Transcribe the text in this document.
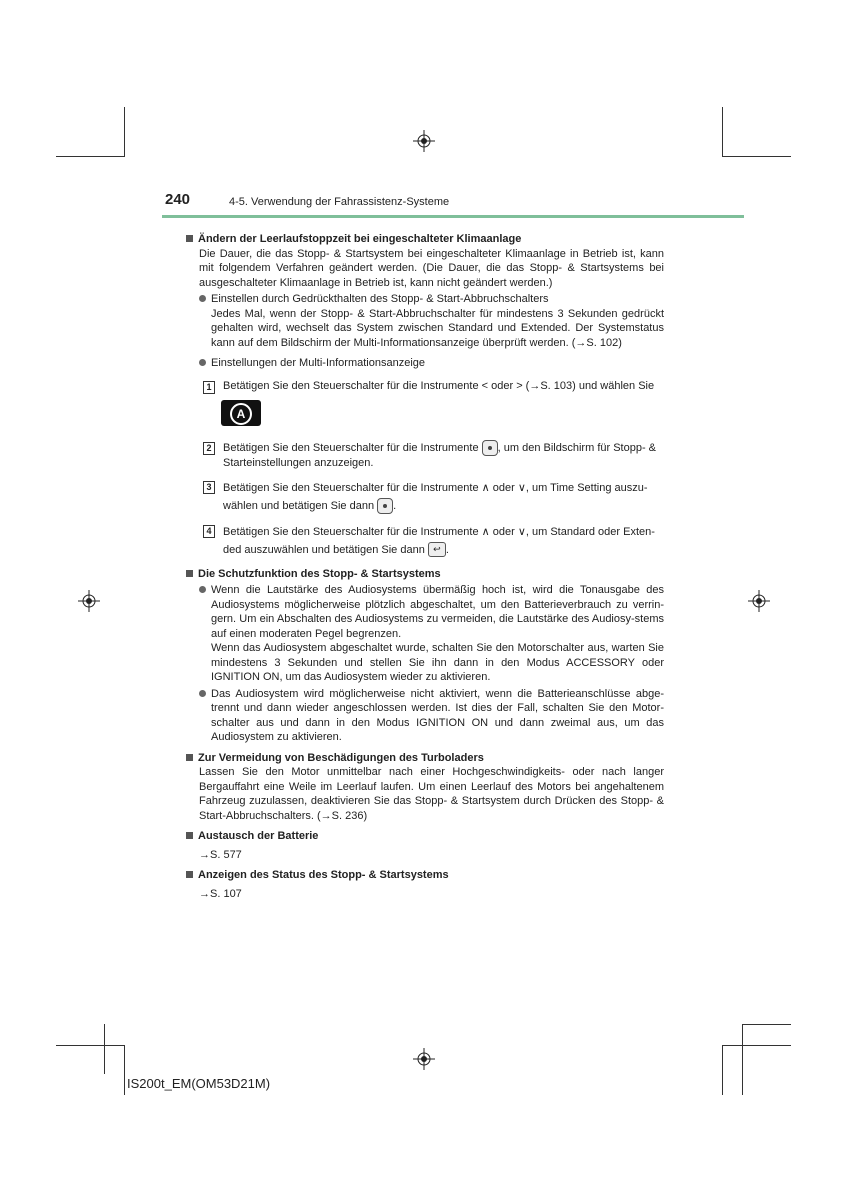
240	4-5. Verwendung der Fahrassistenz-Systeme
Ändern der Leerlaufstoppzeit bei eingeschalteter Klimaanlage
Die Dauer, die das Stopp- & Startsystem bei eingeschalteter Klimaanlage in Betrieb ist, kann mit folgendem Verfahren geändert werden. (Die Dauer, die das Stopp- & Startsystems bei ausgeschalteter Klimaanlage in Betrieb ist, kann nicht geändert werden.)
Einstellen durch Gedrückthalten des Stopp- & Start-Abbruchschalters
Jedes Mal, wenn der Stopp- & Start-Abbruchschalter für mindestens 3 Sekunden gedrückt gehalten wird, wechselt das System zwischen Standard und Extended. Der Systemstatus kann auf dem Bildschirm der Multi-Informationsanzeige überprüft werden. (→S. 102)
Einstellungen der Multi-Informationsanzeige
1	Betätigen Sie den Steuerschalter für die Instrumente < oder > (→S. 103) und wählen Sie
A
2	Betätigen Sie den Steuerschalter für die Instrumente , um den Bildschirm für Stopp- & Starteinstellungen anzuzeigen.
3	Betätigen Sie den Steuerschalter für die Instrumente ∧ oder ∨, um Time Setting auszu-wählen und betätigen Sie dann .
4	Betätigen Sie den Steuerschalter für die Instrumente ∧ oder ∨, um Standard oder Exten-ded auszuwählen und betätigen Sie dann ↩ .
Die Schutzfunktion des Stopp- & Startsystems
Wenn die Lautstärke des Audiosystems übermäßig hoch ist, wird die Tonausgabe des Audiosystems möglicherweise plötzlich abgeschaltet, um den Batterieverbrauch zu verrin-gern. Um ein Abschalten des Audiosystems zu vermeiden, die Lautstärke des Audiosy-stems auf einen moderaten Pegel begrenzen.
Wenn das Audiosystem abgeschaltet wurde, schalten Sie den Motorschalter aus, warten Sie mindestens 3 Sekunden und stellen Sie ihn dann in den Modus ACCESSORY oder IGNITION ON, um das Audiosystem wieder zu aktivieren.
Das Audiosystem wird möglicherweise nicht aktiviert, wenn die Batterieanschlüsse abge-trennt und dann wieder angeschlossen werden. Ist dies der Fall, schalten Sie den Motor-schalter aus und dann in den Modus IGNITION ON und dann zweimal aus, um das Audiosystem zu aktivieren.
Zur Vermeidung von Beschädigungen des Turboladers
Lassen Sie den Motor unmittelbar nach einer Hochgeschwindigkeits- oder nach langer Bergauffahrt eine Weile im Leerlauf laufen. Um einen Leerlauf des Motors bei angehaltenem Fahrzeug zuzulassen, deaktivieren Sie das Stopp- & Startsystem durch Drücken des Stopp- & Start-Abbruchschalters. (→S. 236)
Austausch der Batterie
→S. 577
Anzeigen des Status des Stopp- & Startsystems
→S. 107
IS200t_EM(OM53D21M)
